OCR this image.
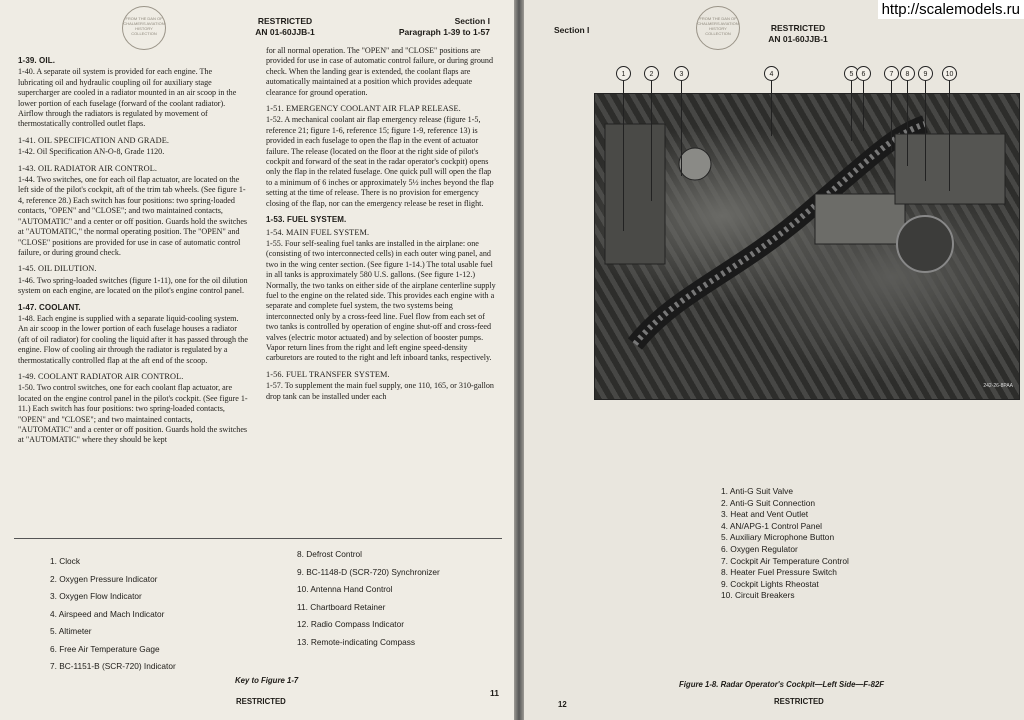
FROM THE DAN OF CHALMERS AVIATION HISTORY COLLECTION
RESTRICTED
AN 01-60JJB-1
Section I
Paragraph 1-39 to 1-57
1-39. OIL.

1-40. A separate oil system is provided for each engine. The lubricating oil and hydraulic coupling oil for auxiliary stage supercharger are cooled in a radiator mounted in an air scoop in the lower portion of each fuselage (forward of the coolant radiator). Airflow through the radiators is regulated by movement of thermostatically controlled outlet flaps.

1-41. OIL SPECIFICATION AND GRADE.

1-42. Oil Specification AN-O-8, Grade 1120.

1-43. OIL RADIATOR AIR CONTROL.

1-44. Two switches, one for each oil flap actuator, are located on the left side of the pilot's cockpit, aft of the trim tab wheels. (See figure 1-4, reference 28.) Each switch has four positions: two spring-loaded contacts, "OPEN" and "CLOSE"; and two maintained contacts, "AUTOMATIC" and a center or off position. Guards hold the switches at "AUTOMATIC," the normal operating position. The "OPEN" and "CLOSE" positions are provided for use in case of automatic control failure, or during ground check.

1-45. OIL DILUTION.

1-46. Two spring-loaded switches (figure 1-11), one for the oil dilution system on each engine, are located on the pilot's engine control panel.

1-47. COOLANT.

1-48. Each engine is supplied with a separate liquid-cooling system. An air scoop in the lower portion of each fuselage houses a radiator (aft of oil radiator) for cooling the liquid after it has passed through the engine. Flow of cooling air through the radiator is regulated by a thermostatically controlled flap at the aft end of the scoop.

1-49. COOLANT RADIATOR AIR CONTROL.

1-50. Two control switches, one for each coolant flap actuator, are located on the engine control panel in the pilot's cockpit. (See figure 1-11.) Each switch has four positions: two spring-loaded contacts, "OPEN" and "CLOSE"; and two maintained contacts, "AUTOMATIC" and a center or off position. Guards hold the switches at "AUTOMATIC" where they should be kept

for all normal operation. The "OPEN" and "CLOSE" positions are provided for use in case of automatic control failure, or during ground check. When the landing gear is extended, the coolant flaps are automatically maintained at a position which provides adequate clearance for ground operation.

1-51. EMERGENCY COOLANT AIR FLAP RELEASE.

1-52. A mechanical coolant air flap emergency release (figure 1-5, reference 21; figure 1-6, reference 15; figure 1-9, reference 13) is provided in each fuselage to open the flap in the event of actuator failure. The release (located on the floor at the right side of pilot's cockpit and forward of the seat in the radar operator's cockpit) opens only the flap in the related fuselage. One quick pull will open the flap to a minimum of 6 inches or approximately 5½ inches beyond the flap setting at the time of release. There is no provision for emergency closing of the flap, nor can the emergency release be reset in flight.

1-53. FUEL SYSTEM.
1-54. MAIN FUEL SYSTEM.

1-55. Four self-sealing fuel tanks are installed in the airplane: one (consisting of two interconnected cells) in each outer wing panel, and two in the wing center section. (See figure 1-14.) The total usable fuel in all tanks is approximately 580 U.S. gallons. (See figure 1-12.) Normally, the two tanks on either side of the airplane centerline supply fuel to the engine on the related side. This provides each engine with a separate and complete fuel system, the two systems being interconnected only by a cross-feed line. Fuel flow from each set of two tanks is controlled by operation of engine shut-off and cross-feed valves (electric motor actuated) and by selection of booster pumps. Vapor return lines from the right and left engine speed-density carburetors are routed to the right and left inboard tanks, respectively.

1-56. FUEL TRANSFER SYSTEM.

1-57. To supplement the main fuel supply, one 110, 165, or 310-gallon drop tank can be installed under each

1. Clock
2. Oxygen Pressure Indicator
3. Oxygen Flow Indicator
4. Airspeed and Mach Indicator
5. Altimeter
6. Free Air Temperature Gage
7. BC-1151-B (SCR-720) Indicator
8. Defrost Control
9. BC-1148-D (SCR-720) Synchronizer
10. Antenna Hand Control
11. Chartboard Retainer
12. Radio Compass Indicator
13. Remote-indicating Compass
Key to Figure 1-7
RESTRICTED
11
Section I
FROM THE DAN OF CHALMERS AVIATION HISTORY COLLECTION
RESTRICTED
AN 01-60JJB-1
242-26-8PAA
1	2	3	4	5	6	7	8	9	10
1. Anti-G Suit Valve
2. Anti-G Suit Connection
3. Heat and Vent Outlet
4. AN/APG-1 Control Panel
5. Auxiliary Microphone Button
6. Oxygen Regulator
7. Cockpit Air Temperature Control
8. Heater Fuel Pressure Switch
9. Cockpit Lights Rheostat
10. Circuit Breakers
Figure 1-8. Radar Operator's Cockpit—Left Side—F-82F
12	RESTRICTED
http://scalemodels.ru
